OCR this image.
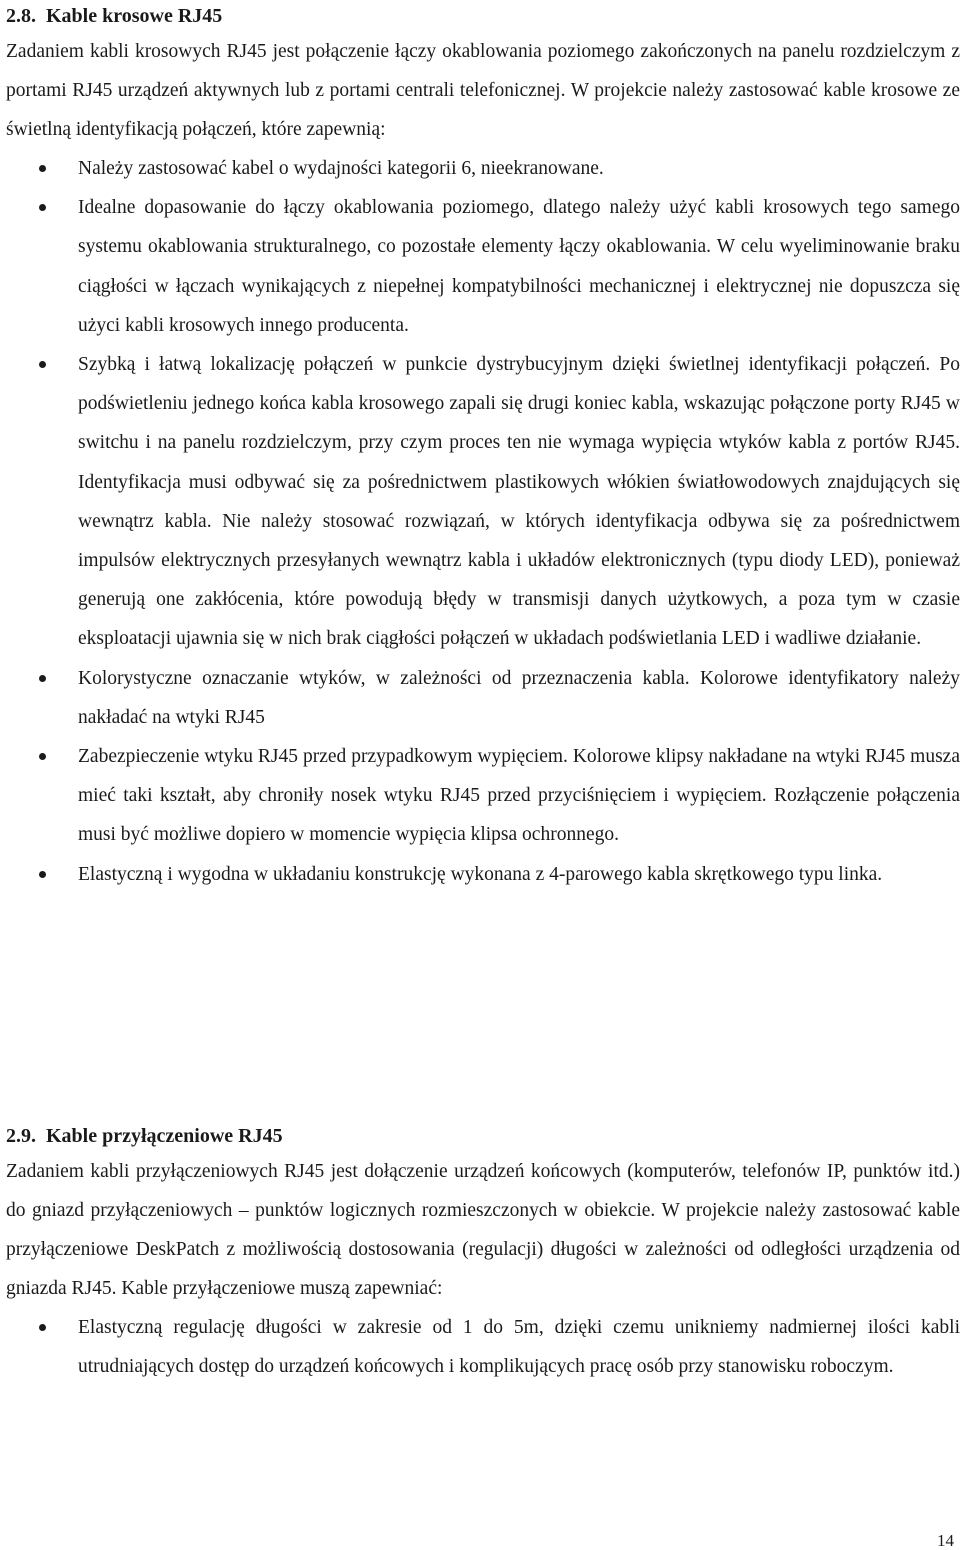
2.8. Kable krosowe RJ45

Zadaniem kabli krosowych RJ45 jest połączenie łączy okablowania poziomego zakończonych na panelu rozdzielczym z portami RJ45 urządzeń aktywnych lub z portami centrali telefonicznej. W projekcie należy zastosować kable krosowe ze świetlną identyfikacją połączeń, które zapewnią:

Należy zastosować kabel o wydajności kategorii 6, nieekranowane.
Idealne dopasowanie do łączy okablowania poziomego, dlatego należy użyć kabli krosowych tego samego systemu okablowania strukturalnego, co pozostałe elementy łączy okablowania. W celu wyeliminowanie braku ciągłości w łączach wynikających z niepełnej kompatybilności mechanicznej i elektrycznej nie dopuszcza się użyci kabli krosowych innego producenta.
Szybką i łatwą lokalizację połączeń w punkcie dystrybucyjnym dzięki świetlnej identyfikacji połączeń. Po podświetleniu jednego końca kabla krosowego zapali się drugi koniec kabla, wskazując połączone porty RJ45 w switchu i na panelu rozdzielczym, przy czym proces ten nie wymaga wypięcia wtyków kabla z portów RJ45. Identyfikacja musi odbywać się za pośrednictwem plastikowych włókien światłowodowych znajdujących się wewnątrz kabla. Nie należy stosować rozwiązań, w których identyfikacja odbywa się za pośrednictwem impulsów elektrycznych przesyłanych wewnątrz kabla i układów elektronicznych (typu diody LED), ponieważ generują one zakłócenia, które powodują błędy w transmisji danych użytkowych, a poza tym w czasie eksploatacji ujawnia się w nich brak ciągłości połączeń w układach podświetlania LED i wadliwe działanie.
Kolorystyczne oznaczanie wtyków, w zależności od przeznaczenia kabla. Kolorowe identyfikatory należy nakładać na wtyki RJ45
Zabezpieczenie wtyku RJ45 przed przypadkowym wypięciem. Kolorowe klipsy nakładane na wtyki RJ45 musza mieć taki kształt, aby chroniły nosek wtyku RJ45 przed przyciśnięciem i wypięciem. Rozłączenie połączenia musi być możliwe dopiero w momencie wypięcia klipsa ochronnego.
Elastyczną i wygodna w układaniu konstrukcję wykonana z 4-parowego kabla skrętkowego typu linka.
2.9. Kable przyłączeniowe RJ45

Zadaniem kabli przyłączeniowych RJ45 jest dołączenie urządzeń końcowych (komputerów, telefonów IP, punktów itd.) do gniazd przyłączeniowych – punktów logicznych rozmieszczonych w obiekcie. W projekcie należy zastosować kable przyłączeniowe DeskPatch z możliwością dostosowania (regulacji) długości w zależności od odległości urządzenia od gniazda RJ45. Kable przyłączeniowe muszą zapewniać:

Elastyczną regulację długości w zakresie od 1 do 5m, dzięki czemu unikniemy nadmiernej ilości kabli utrudniających dostęp do urządzeń końcowych i komplikujących pracę osób przy stanowisku roboczym.
14
